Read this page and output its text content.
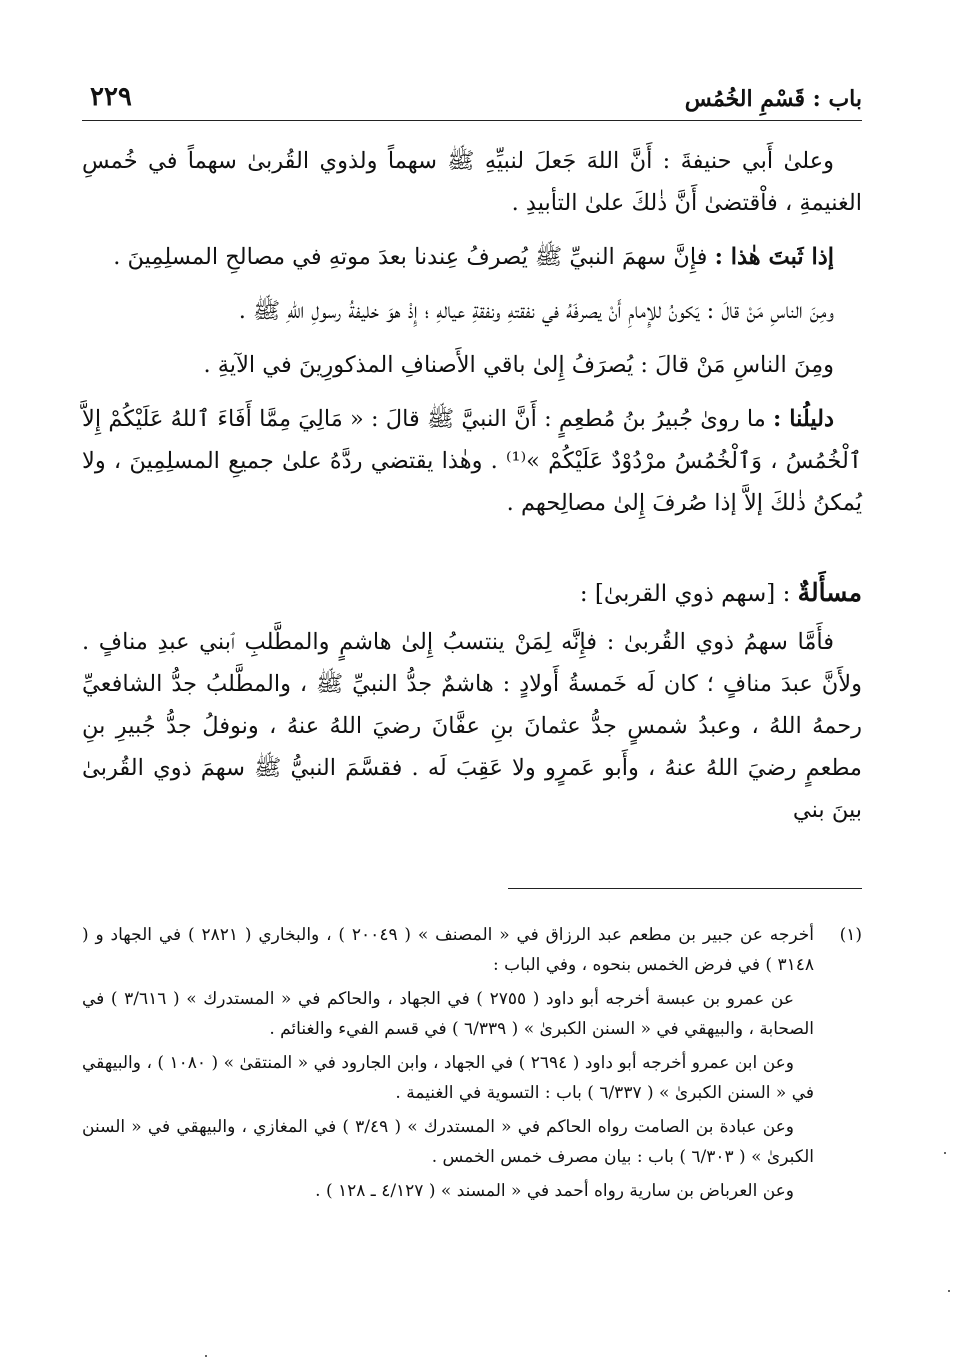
باب : قَسْمِ الخُمُس
٢٢٩

وعلىٰ أَبي حنيفةَ : أَنَّ اللهَ جَعلَ لنبيِّهِ ﷺ سهماً ولذوي القُربىٰ سهماً في خُمسِ الغنيمةِ ، فاْقتضىٰ أَنَّ ذٰلكَ علىٰ التأبيدِ .

إذا ثَبتَ هٰذا : فإِنَّ سهمَ النبيِّ ﷺ يُصرفُ عِندنا بعدَ موتهِ في مصالحِ المسلِمِينَ .

ومِنَ الناسِ مَنْ قالَ : يَكونُ للإِمامِ أَنْ يصرفَهُ في نفقتهِ ونفقةِ عيالهِ ؛ إِذْ هوَ خليفةُ رسولِ اللهِ ﷺ .

ومِنَ الناسِ مَنْ قالَ : يُصرَفُ إِلىٰ باقي الأَصنافِ المذكورِينَ في الآيةِ .

دليلُنا : ما روىٰ جُبيرُ بنُ مُطعِمٍ : أَنَّ النبيَّ ﷺ قالَ : « مَالِيَ مِمَّا أَفَاءَ ٱللهُ عَلَيْكُمْ إِلاَّ ٱلْخُمُسُ ، وَٱلْخُمُسُ مرْدُوْدٌ عَلَيْكُمْ »⁽¹⁾ . وهٰذا يقتضي ردَّهُ علىٰ جميعِ المسلِمِينَ ، ولا يُمكنُ ذٰلكَ إلاَّ إذا صُرفَ إِلىٰ مصالِحهم .

مسأَلةٌ : [سهم ذوي القربىٰ] :

فأَمَّا سهمُ ذوي القُربىٰ : فإِنَّه لِمَنْ ينتسبُ إِلىٰ هاشمٍ والمطَّلبِ ٱبني عبدِ منافٍ . ولأَنَّ عبدَ منافٍ ؛ كان لَه خَمسةُ أَولادٍ : هاشمٌ جدُّ النبيِّ ﷺ ، والمطَّلبُ جدُّ الشافعيِّ رحمهُ اللهُ ، وعبدُ شمسٍ جدُّ عثمانَ بنِ عفَّانَ رضيَ اللهُ عنهُ ، ونوفلُ جدُّ جُبيرِ بنِ مطعمٍ رضيَ اللهُ عنهُ ، وأَبو عَمرٍو ولا عَقِبَ لَه . فقسَّمَ النبيُّ ﷺ سهمَ ذوي القُربىٰ بينَ بني

(١)
أخرجه عن جبير بن مطعم عبد الرزاق في « المصنف » ( ٢٠٠٤٩ ) ، والبخاري ( ٢٨٢١ ) في الجهاد و ( ٣١٤٨ ) في فرض الخمس بنحوه ، وفي الباب :
عن عمرو بن عبسة أخرجه أبو داود ( ٢٧٥٥ ) في الجهاد ، والحاكم في « المستدرك » ( ٣/٦١٦ ) في الصحابة ، والبيهقي في « السنن الكبرىٰ » ( ٦/٣٣٩ ) في قسم الفيء والغنائم .
وعن ابن عمرو أخرجه أبو داود ( ٢٦٩٤ ) في الجهاد ، وابن الجارود في « المنتقىٰ » ( ١٠٨٠ ) ، والبيهقي في « السنن الكبرىٰ » ( ٦/٣٣٧ ) باب : التسوية في الغنيمة .
وعن عبادة بن الصامت رواه الحاكم في « المستدرك » ( ٣/٤٩ ) في المغازي ، والبيهقي في « السنن الكبرىٰ » ( ٦/٣٠٣ ) باب : بيان مصرف خمس الخمس .
وعن العرباض بن سارية رواه أحمد في « المسند » ( ٤/١٢٧ ـ ١٢٨ ) .
